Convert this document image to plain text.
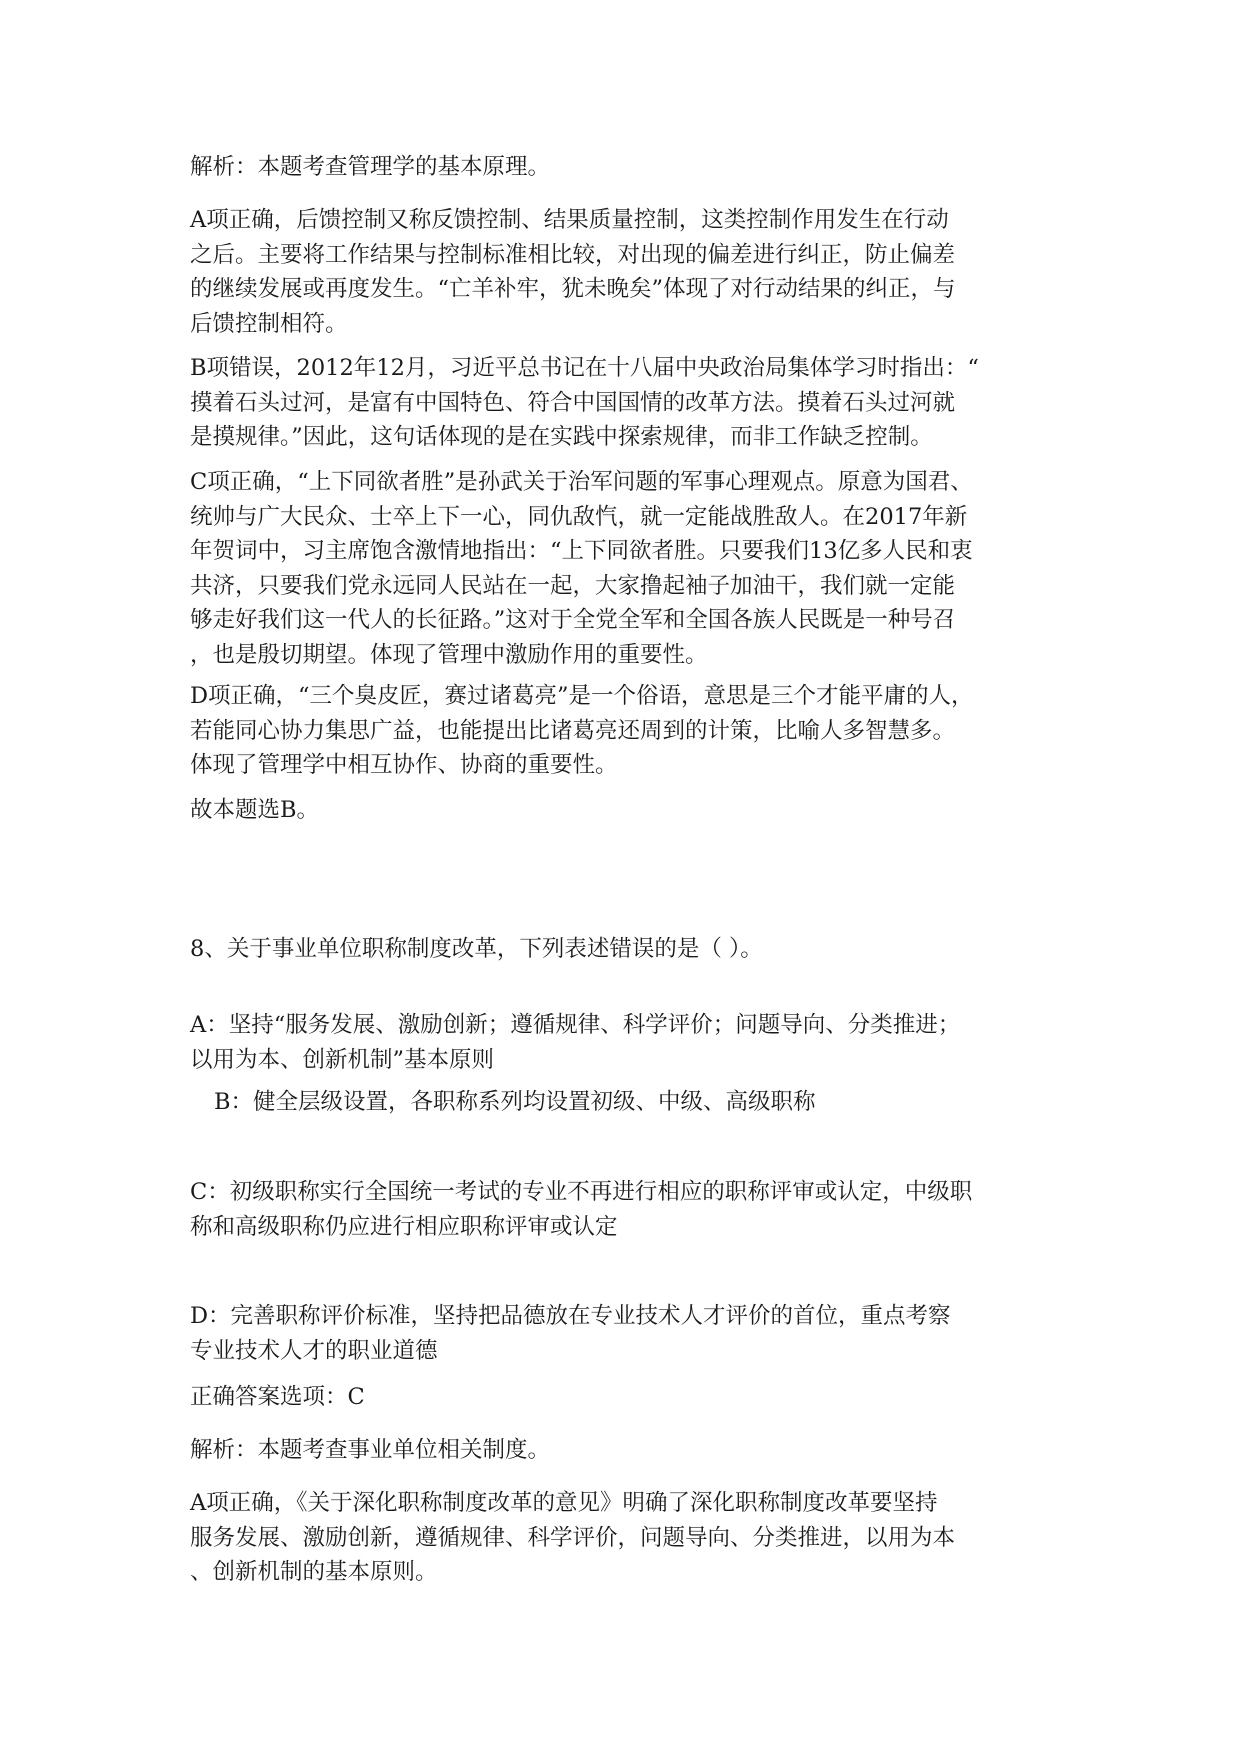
解析：本题考查管理学的基本原理。

A项正确，后馈控制又称反馈控制、结果质量控制，这类控制作用发生在行动
之后。主要将工作结果与控制标准相比较，对出现的偏差进行纠正，防止偏差
的继续发展或再度发生。“亡羊补牢，犹未晚矣”体现了对行动结果的纠正，与
后馈控制相符。

B项错误，2012年12月，习近平总书记在十八届中央政治局集体学习时指出：“
摸着石头过河，是富有中国特色、符合中国国情的改革方法。摸着石头过河就
是摸规律。”因此，这句话体现的是在实践中探索规律，而非工作缺乏控制。

C项正确，“上下同欲者胜”是孙武关于治军问题的军事心理观点。原意为国君、
统帅与广大民众、士卒上下一心，同仇敌忾，就一定能战胜敌人。在2017年新
年贺词中，习主席饱含激情地指出：“上下同欲者胜。只要我们13亿多人民和衷
共济，只要我们党永远同人民站在一起，大家撸起袖子加油干，我们就一定能
够走好我们这一代人的长征路。”这对于全党全军和全国各族人民既是一种号召
，也是殷切期望。体现了管理中激励作用的重要性。

D项正确，“三个臭皮匠，赛过诸葛亮”是一个俗语，意思是三个才能平庸的人，
若能同心协力集思广益，也能提出比诸葛亮还周到的计策，比喻人多智慧多。
体现了管理学中相互协作、协商的重要性。

故本题选B。

8、关于事业单位职称制度改革，下列表述错误的是（ ）。

A：坚持“服务发展、激励创新；遵循规律、科学评价；问题导向、分类推进；
以用为本、创新机制”基本原则

B：健全层级设置，各职称系列均设置初级、中级、高级职称

C：初级职称实行全国统一考试的专业不再进行相应的职称评审或认定，中级职
称和高级职称仍应进行相应职称评审或认定

D：完善职称评价标准，坚持把品德放在专业技术人才评价的首位，重点考察
专业技术人才的职业道德

正确答案选项：C

解析：本题考查事业单位相关制度。

A项正确，《关于深化职称制度改革的意见》明确了深化职称制度改革要坚持
服务发展、激励创新，遵循规律、科学评价，问题导向、分类推进，以用为本
、创新机制的基本原则。
